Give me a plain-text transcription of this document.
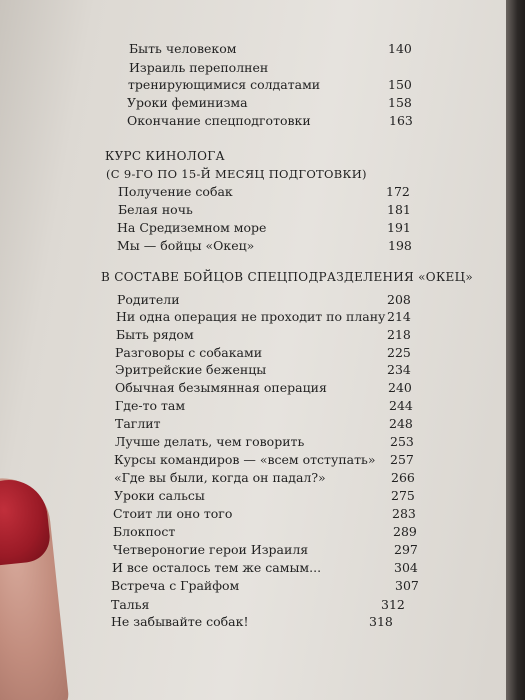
Быть человеком	140
Израиль переполнен
тренирующимися солдатами	150
Уроки феминизма	158
Окончание спецподготовки	163
КУРС КИНОЛОГА
(С 9-ГО ПО 15-Й МЕСЯЦ ПОДГОТОВКИ)
Получение собак	172
Белая ночь	181
На Средиземном море	191
Мы — бойцы «Окец»	198
В СОСТАВЕ БОЙЦОВ СПЕЦПОДРАЗДЕЛЕНИЯ «ОКЕЦ»
Родители	208
Ни одна операция не проходит по плану 214
Быть рядом	218
Разговоры с собаками	225
Эритрейские беженцы	234
Обычная безымянная операция	240
Где-то там	244
Таглит	248
Лучше делать, чем говорить	253
Курсы командиров — «всем отступать» 257
«Где вы были, когда он падал?»	266
Уроки сальсы	275
Стоит ли оно того	283
Блокпост	289
Четвероногие герои Израиля	297
И все осталось тем же самым...	304
Встреча с Грайфом	307
Талья	312
Не забывайте собак!	318
